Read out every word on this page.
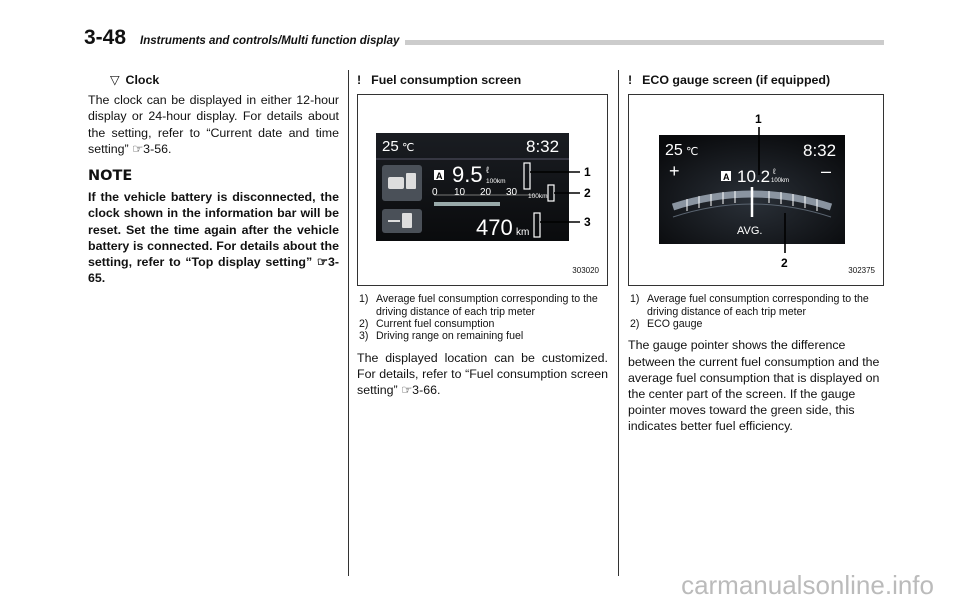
3-48 Instruments and controls/Multi function display
▽ Clock

The clock can be displayed in either 12-hour display or 24-hour display. For details about the setting, refer to “Current date and time setting” ☞3-56.

NOTE

If the vehicle battery is disconnected, the clock shown in the information bar will be reset. Set the time again after the vehicle battery is connected. For details about the setting, refer to “Top display setting” ☞3-65.

! Fuel consumption screen
25 ℃	8:32
A 9.5 ℓ
100km
0 10 20 30 100km
470 km
1
2
3
303020
1) Average fuel consumption corresponding to the driving distance of each trip meter
2) Current fuel consumption
3) Driving range on remaining fuel

The displayed location can be customized. For details, refer to “Fuel consumption screen setting” ☞3-66.

! ECO gauge screen (if equipped)
25 ℃	8:32
+	–
A 10.2 ℓ
100km
AVG.
1
2
302375
1) Average fuel consumption corresponding to the driving distance of each trip meter
2) ECO gauge

The gauge pointer shows the difference between the current fuel consumption and the average fuel consumption that is displayed on the center part of the screen. If the gauge pointer moves toward the green side, this indicates better fuel efficiency.

carmanualsonline.info
